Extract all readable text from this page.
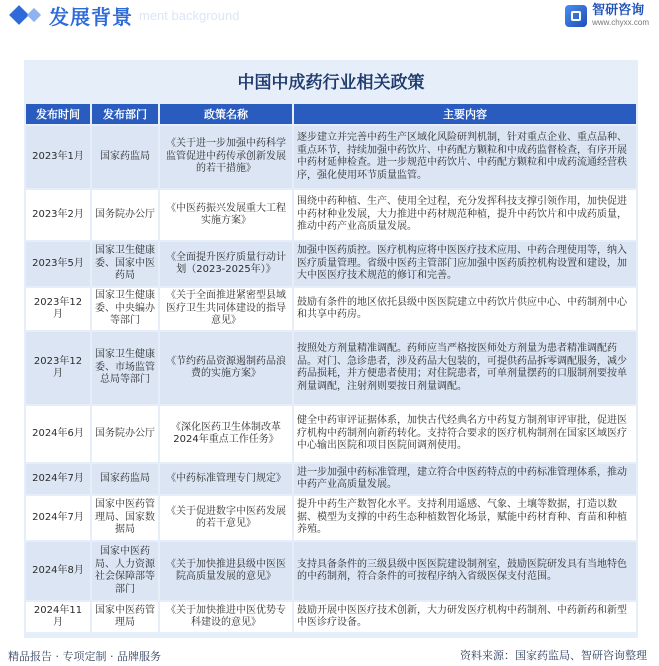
发展背景 ment background	智研咨询
www.chyxx.com
中国中成药行业相关政策
发布时间	发布部门	政策名称	主要内容
2023年1月	国家药监局	《关于进一步加强中药科学监管促进中药传承创新发展的若干措施》	逐步建立并完善中药生产区域化风险研判机制，针对重点企业、重点品种、重点环节，持续加强中药饮片、中药配方颗粒和中成药监督检查，有序开展中药材延伸检查。进一步规范中药饮片、中药配方颗粒和中成药流通经营秩序，强化使用环节质量监管。
2023年2月	国务院办公厅	《中医药振兴发展重大工程实施方案》	围绕中药种植、生产、使用全过程，充分发挥科技支撑引领作用，加快促进中药材种业发展，大力推进中药材规范种植，提升中药饮片和中成药质量，推动中药产业高质量发展。
2023年5月	国家卫生健康委、国家中医药局	《全面提升医疗质量行动计划（2023-2025年）》	加强中医药质控。医疗机构应将中医医疗技术应用、中药合理使用等，纳入医疗质量管理。省级中医药主管部门应加强中医药质控机构设置和建设，加大中医医疗技术规范的修订和完善。
2023年12月	国家卫生健康委、中央编办等部门	《关于全面推进紧密型县域医疗卫生共同体建设的指导意见》	鼓励有条件的地区依托县级中医医院建立中药饮片供应中心、中药制剂中心和共享中药房。
2023年12月	国家卫生健康委、市场监管总局等部门	《节约药品资源遏制药品浪费的实施方案》	按照处方剂量精准调配。药师应当严格按医师处方剂量为患者精准调配药品。对门、急诊患者，涉及药品大包装的，可提供药品拆零调配服务，减少药品损耗，并方便患者使用；对住院患者，可单剂量摆药的口服制剂要按单剂量调配，注射剂则要按日剂量调配。
2024年6月	国务院办公厅	《深化医药卫生体制改革2024年重点工作任务》	健全中药审评证据体系，加快古代经典名方中药复方制剂审评审批，促进医疗机构中药制剂向新药转化。支持符合要求的医疗机构制剂在国家区域医疗中心输出医院和项目医院间调剂使用。
2024年7月	国家药监局	《中药标准管理专门规定》	进一步加强中药标准管理，建立符合中医药特点的中药标准管理体系，推动中药产业高质量发展。
2024年7月	国家中医药管理局、国家数据局	《关于促进数字中医药发展的若干意见》	提升中药生产数智化水平。支持利用遥感、气象、土壤等数据，打造以数据、模型为支撑的中药生态种植数智化场景，赋能中药材育种、育苗和种植养殖。
2024年8月	国家中医药局、人力资源社会保障部等部门	《关于加快推进县级中医医院高质量发展的意见》	支持具备条件的三级县级中医医院建设制剂室，鼓励医院研发具有当地特色的中药制剂，符合条件的可按程序纳入省级医保支付范围。
2024年11月	国家中医药管理局	《关于加快推进中医优势专科建设的意见》	鼓励开展中医医疗技术创新，大力研发医疗机构中药制剂、中药新药和新型中医诊疗设备。
精品报告 · 专项定制 · 品牌服务	资料来源：国家药监局、智研咨询整理
